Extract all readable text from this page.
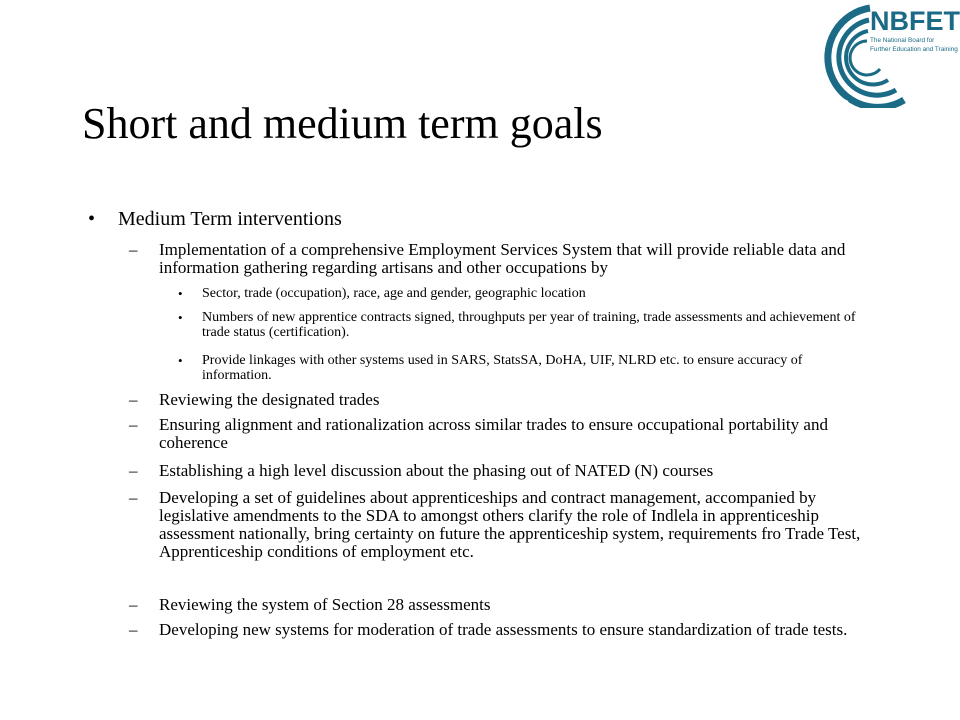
NBFET
The National Board for
Further Education and Training
Short and medium term goals
• Medium Term interventions
– Implementation of a comprehensive Employment Services System that will provide reliable data and information gathering regarding artisans and other occupations by
• Sector, trade (occupation), race, age and gender, geographic location
• Numbers of new apprentice contracts signed, throughputs per year of training, trade assessments and achievement of trade status (certification).
• Provide linkages with other systems used in SARS, StatsSA, DoHA, UIF, NLRD etc. to ensure accuracy of information.
– Reviewing the designated trades
– Ensuring alignment and rationalization across similar trades to ensure occupational portability and coherence
– Establishing a high level discussion about the phasing out of NATED (N) courses
– Developing a set of guidelines about apprenticeships and contract management, accompanied by legislative amendments to the SDA to amongst others clarify the role of Indlela in apprenticeship assessment nationally, bring certainty on future the apprenticeship system, requirements fro Trade Test, Apprenticeship conditions of employment etc.
– Reviewing the system of Section 28 assessments
– Developing new systems for moderation of trade assessments to ensure standardization of trade tests.
